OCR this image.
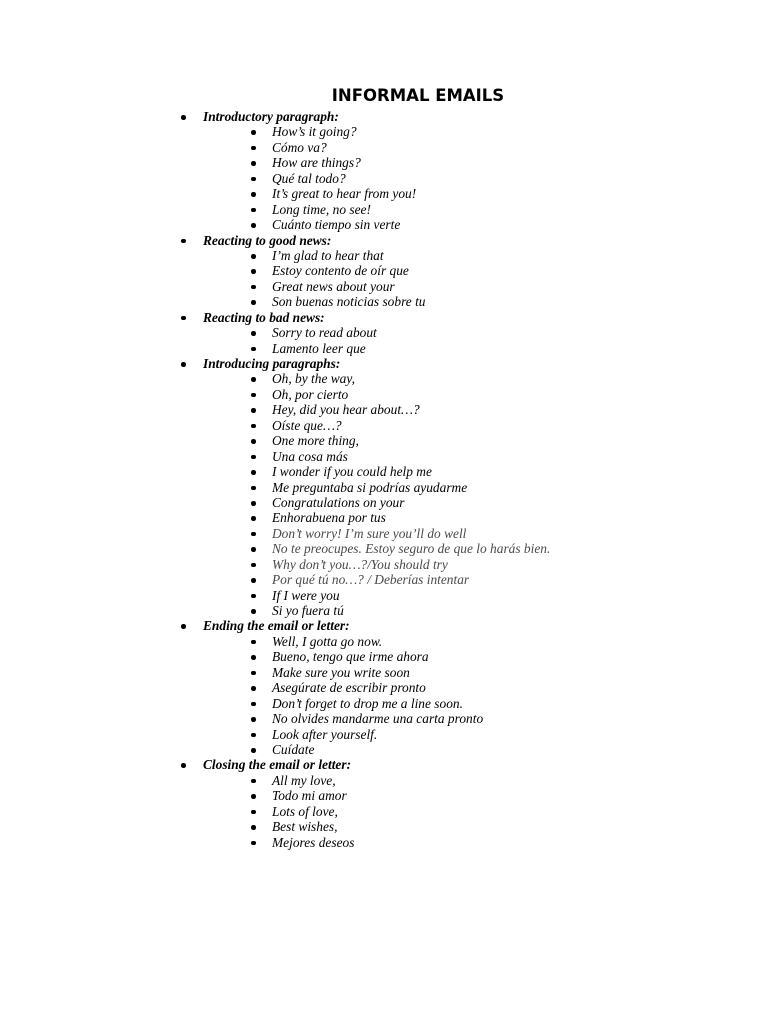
INFORMAL EMAILS
Introductory paragraph:
How’s it going?
Cómo va?
How are things?
Qué tal todo?
It’s great to hear from you!
Long time, no see!
Cuánto tiempo sin verte
Reacting to good news:
I’m glad to hear that
Estoy contento de oír que
Great news about your
Son buenas noticias sobre tu
Reacting to bad news:
Sorry to read about
Lamento leer que
Introducing paragraphs:
Oh, by the way,
Oh, por cierto
Hey, did you hear about…?
Oíste que…?
One more thing,
Una cosa más
I wonder if you could help me
Me preguntaba si podrías ayudarme
Congratulations on your
Enhorabuena por tus
Don’t worry! I’m sure you’ll do well
No te preocupes. Estoy seguro de que lo harás bien.
Why don’t you…?/You should try
Por qué tú no…? / Deberías intentar
If I were you
Si yo fuera tú
Ending the email or letter:
Well, I gotta go now.
Bueno, tengo que irme ahora
Make sure you write soon
Asegúrate de escribir pronto
Don’t forget to drop me a line soon.
No olvides mandarme una carta pronto
Look after yourself.
Cuídate
Closing the email or letter:
All my love,
Todo mi amor
Lots of love,
Best wishes,
Mejores deseos
